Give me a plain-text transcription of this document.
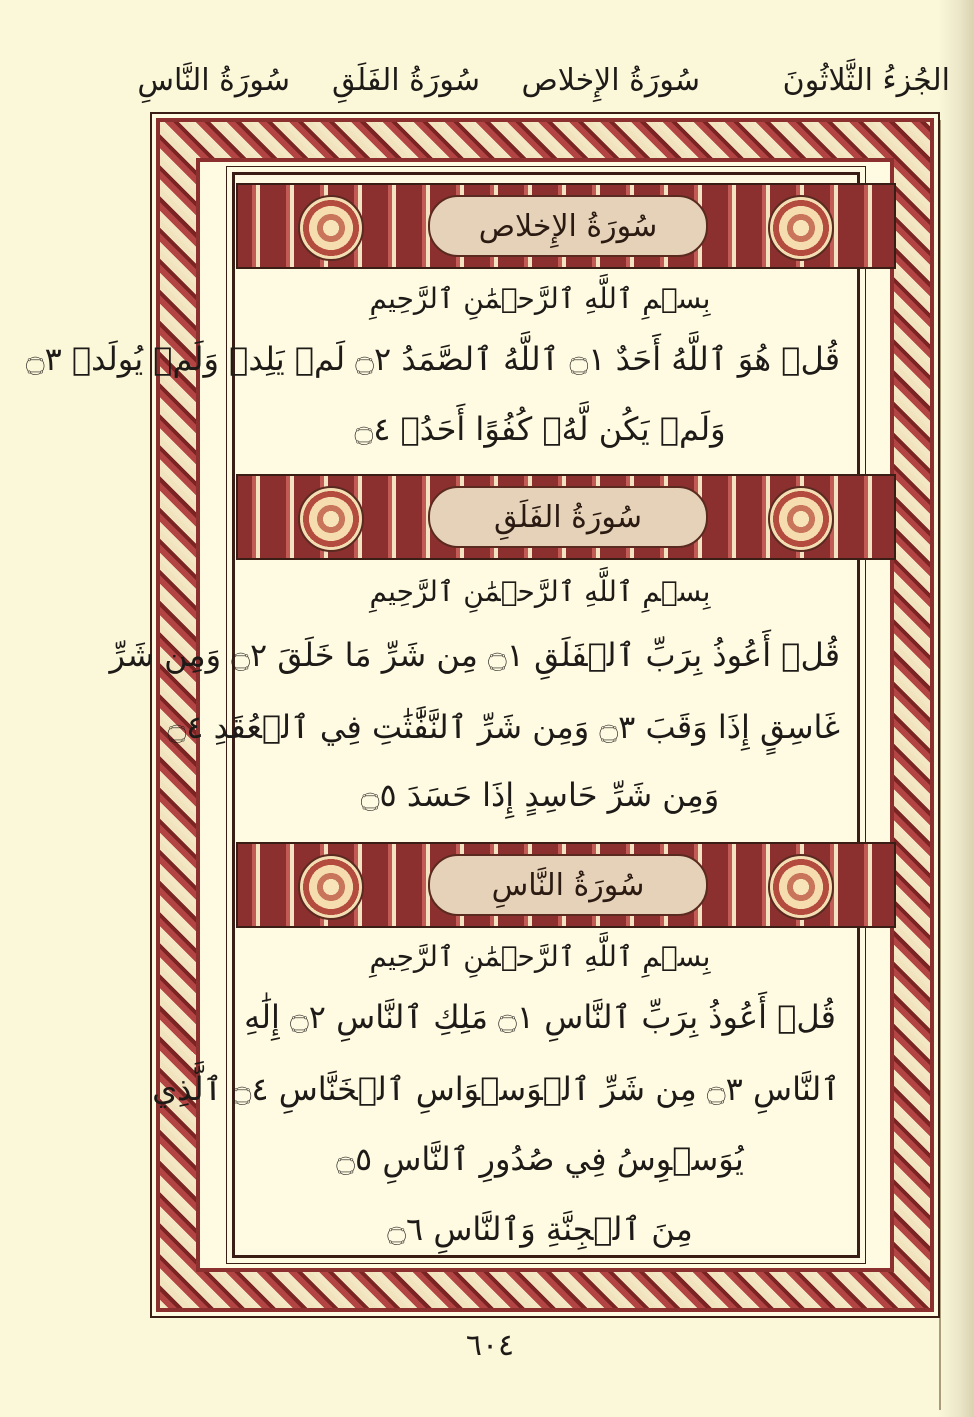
الجُزءُ الثَّلاثُونَ
سُورَةُ الإِخلاص
سُورَةُ الفَلَقِ
سُورَةُ النَّاسِ
سُورَةُ الإِخلاص
بِسۡمِ ٱللَّهِ ٱلرَّحۡمَٰنِ ٱلرَّحِيمِ
قُلۡ هُوَ ٱللَّهُ أَحَدٌ ۝١ ٱللَّهُ ٱلصَّمَدُ ۝٢ لَمۡ يَلِدۡ وَلَمۡ يُولَدۡ ۝٣
وَلَمۡ يَكُن لَّهُۥ كُفُوًا أَحَدُۢ ۝٤
سُورَةُ الفَلَقِ
بِسۡمِ ٱللَّهِ ٱلرَّحۡمَٰنِ ٱلرَّحِيمِ
قُلۡ أَعُوذُ بِرَبِّ ٱلۡفَلَقِ ۝١ مِن شَرِّ مَا خَلَقَ ۝٢ وَمِن شَرِّ
غَاسِقٍ إِذَا وَقَبَ ۝٣ وَمِن شَرِّ ٱلنَّفَّٰثَٰتِ فِي ٱلۡعُقَدِ ۝٤
وَمِن شَرِّ حَاسِدٍ إِذَا حَسَدَ ۝٥
سُورَةُ النَّاسِ
بِسۡمِ ٱللَّهِ ٱلرَّحۡمَٰنِ ٱلرَّحِيمِ
قُلۡ أَعُوذُ بِرَبِّ ٱلنَّاسِ ۝١ مَلِكِ ٱلنَّاسِ ۝٢ إِلَٰهِ
ٱلنَّاسِ ۝٣ مِن شَرِّ ٱلۡوَسۡوَاسِ ٱلۡخَنَّاسِ ۝٤ ٱلَّذِي
يُوَسۡوِسُ فِي صُدُورِ ٱلنَّاسِ ۝٥
مِنَ ٱلۡجِنَّةِ وَٱلنَّاسِ ۝٦
٦٠٤
